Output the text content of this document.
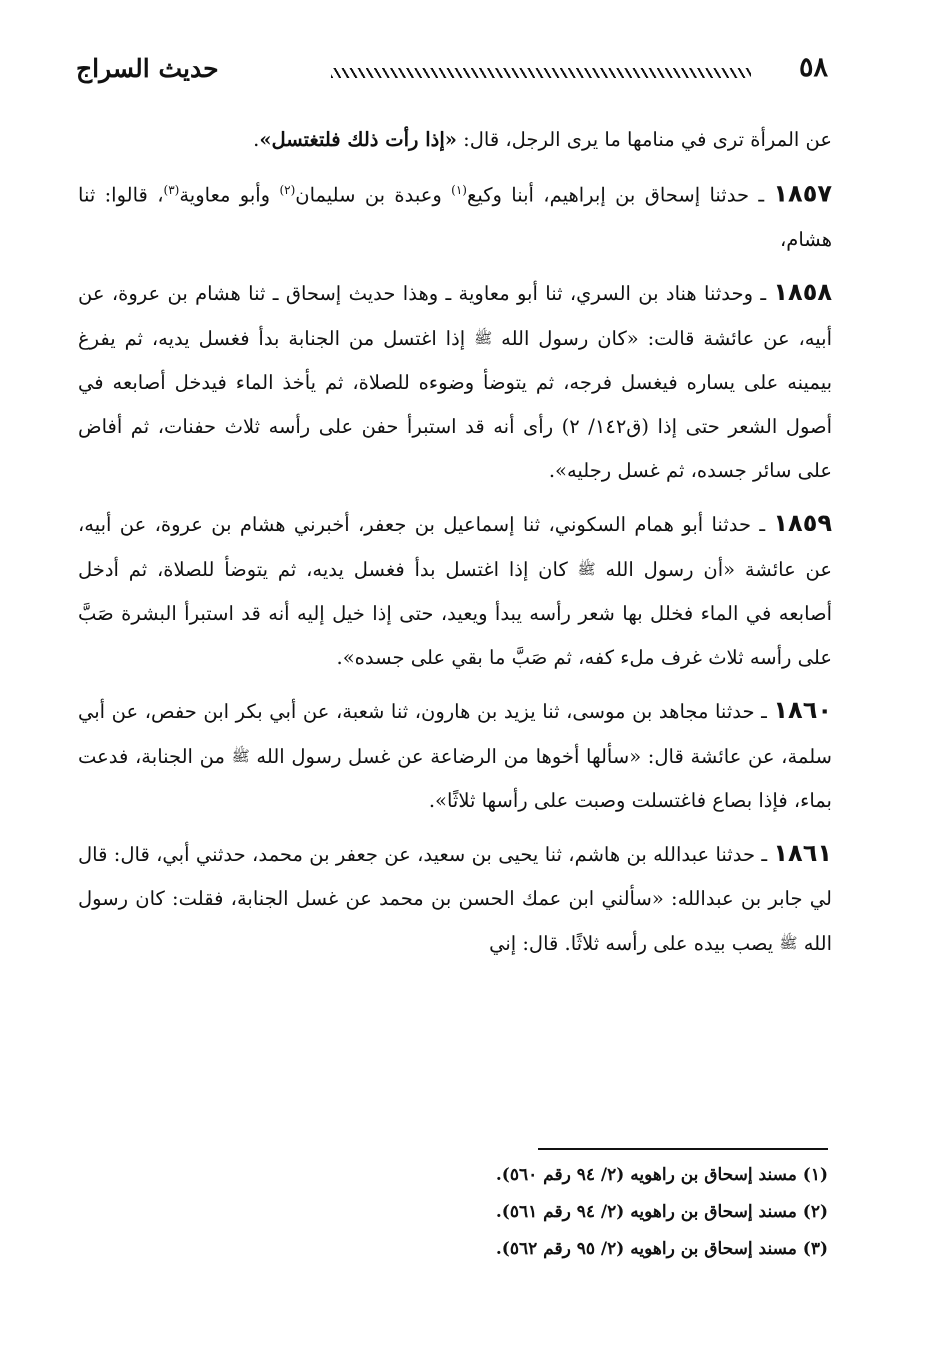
٥٨
حديث السراج

عن المرأة ترى في منامها ما يرى الرجل، قال: «إذا رأت ذلك فلتغتسل».

١٨٥٧ ـ حدثنا إسحاق بن إبراهيم، أبنا وكيع$^{(١)}$ وعبدة بن سليمان$^{(٢)}$ وأبو معاوية$^{(٣)}$، قالوا: ثنا هشام،

١٨٥٨ ـ وحدثنا هناد بن السري، ثنا أبو معاوية ـ وهذا حديث إسحاق ـ ثنا هشام بن عروة، عن أبيه، عن عائشة قالت: «كان رسول الله ﷺ إذا اغتسل من الجنابة بدأ فغسل يديه، ثم يفرغ بيمينه على يساره فيغسل فرجه، ثم يتوضأ وضوءه للصلاة، ثم يأخذ الماء فيدخل أصابعه في أصول الشعر حتى إذا (ق١٤٢/ ٢) رأى أنه قد استبرأ حفن على رأسه ثلاث حفنات، ثم أفاض على سائر جسده، ثم غسل رجليه».

١٨٥٩ ـ حدثنا أبو همام السكوني، ثنا إسماعيل بن جعفر، أخبرني هشام بن عروة، عن أبيه، عن عائشة «أن رسول الله ﷺ كان إذا اغتسل بدأ فغسل يديه، ثم يتوضأ للصلاة، ثم أدخل أصابعه في الماء فخلل بها شعر رأسه يبدأ ويعيد، حتى إذا خيل إليه أنه قد استبرأ البشرة صَبَّ على رأسه ثلاث غرف ملء كفه، ثم صَبَّ ما بقي على جسده».

١٨٦٠ ـ حدثنا مجاهد بن موسى، ثنا يزيد بن هارون، ثنا شعبة، عن أبي بكر ابن حفص، عن أبي سلمة، عن عائشة قال: «سألها أخوها من الرضاعة عن غسل رسول الله ﷺ من الجنابة، فدعت بماء، فإذا بصاع فاغتسلت وصبت على رأسها ثلاثًا».

١٨٦١ ـ حدثنا عبدالله بن هاشم، ثنا يحيى بن سعيد، عن جعفر بن محمد، حدثني أبي، قال: قال لي جابر بن عبدالله: «سألني ابن عمك الحسن بن محمد عن غسل الجنابة، فقلت: كان رسول الله ﷺ يصب بيده على رأسه ثلاثًا. قال: إني

(١) مسند إسحاق بن راهويه (٢/ ٩٤ رقم ٥٦٠).

(٢) مسند إسحاق بن راهويه (٢/ ٩٤ رقم ٥٦١).

(٣) مسند إسحاق بن راهويه (٢/ ٩٥ رقم ٥٦٢).
